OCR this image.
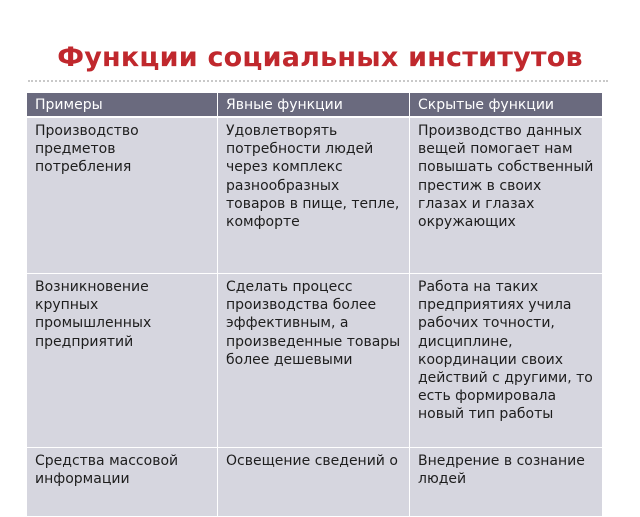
Функции социальных институтов
Примеры	Явные функции	Скрытые функции
Производство предметов потребления	Удовлетворять потребности людей через комплекс разнообразных товаров в пище, тепле, комфорте	Производство данных вещей помогает нам повышать собственный престиж в своих глазах и глазах окружающих
Возникновение крупных промышленных предприятий	Сделать процесс производства более эффективным, а произведенные товары более дешевыми	Работа на таких предприятиях учила рабочих точности, дисциплине, координации своих действий с другими, то есть формировала новый тип работы
Средства массовой информации	Освещение сведений о	Внедрение в сознание людей
